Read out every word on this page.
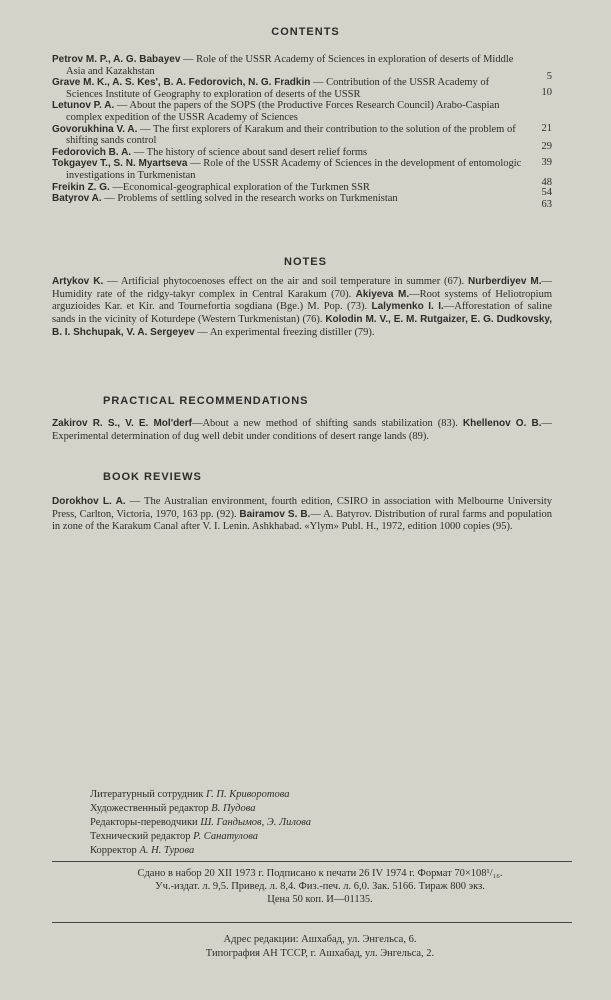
CONTENTS
Petrov M. P., A. G. Babayev — Role of the USSR Academy of Sciences in exploration of deserts of Middle Asia and Kazakhstan
Grave M. K., A. S. Kes', B. A. Fedorovich, N. G. Fradkin — Contribution of the USSR Academy of Sciences Institute of Geography to exploration of deserts of the USSR
5
Letunov P. A. — About the papers of the SOPS (the Productive Forces Research Council) Arabo-Caspian complex expedition of the USSR Academy of Sciences
10
Govorukhina V. A. — The first explorers of Karakum and their contribution to the solution of the problem of shifting sands control
21
Fedorovich B. A. — The history of science about sand desert relief forms
29
Tokgayev T., S. N. Myartseva — Role of the USSR Academy of Sciences in the development of entomologic investigations in Turkmenistan
39
Freikin Z. G. —Economical-geographical exploration of the Turkmen SSR	48
Batyrov A. — Problems of settling solved in the research works on Turkmenistan
54
63
NOTES

Artykov K. — Artificial phytocoenoses effect on the air and soil temperature in summer (67). Nurberdiyev M.— Humidity rate of the ridgy-takyr complex in Central Karakum (70). Akiyeva M.—Root systems of Heliotropium arguzioides Kar. et Kir. and Tournefortia sogdiana (Bge.) M. Pop. (73). Lalymenko I. I.—Afforestation of saline sands in the vicinity of Koturdepe (Western Turkmenistan) (76). Kolodin M. V., E. M. Rutgaizer, E. G. Dudkovsky, B. I. Shchupak, V. A. Sergeyev — An experimental freezing distiller (79).

PRACTICAL RECOMMENDATIONS

Zakirov R. S., V. E. Mol'derf—About a new method of shifting sands stabilization (83). Khellenov O. B.— Experimental determination of dug well debit under conditions of desert range lands (89).

BOOK REVIEWS

Dorokhov L. A. — The Australian environment, fourth edition, CSIRO in association with Melbourne University Press, Carlton, Victoria, 1970, 163 pp. (92). Bairamov S. B.— A. Batyrov. Distribution of rural farms and population in zone of the Karakum Canal after V. I. Lenin. Ashkhabad. «Ylym» Publ. H., 1972, edition 1000 copies (95).

Литературный сотрудник Г. П. Криворотова
Художественный редактор В. Пудова
Редакторы-переводчики Ш. Гандымов, Э. Лилова
Технический редактор Р. Санатулова
Корректор А. Н. Турова
Сдано в набор 20 XII 1973 г. Подписано к печати 26 IV 1974 г. Формат 70×108¹/₁₆.
Уч.-издат. л. 9,5. Привед. л. 8,4. Физ.-печ. л. 6,0. Зак. 5166. Тираж 800 экз.
Цена 50 коп. И—01135.
Адрес редакции: Ашхабад, ул. Энгельса, 6.
Типография АН ТССР, г. Ашхабад, ул. Энгельса, 2.
